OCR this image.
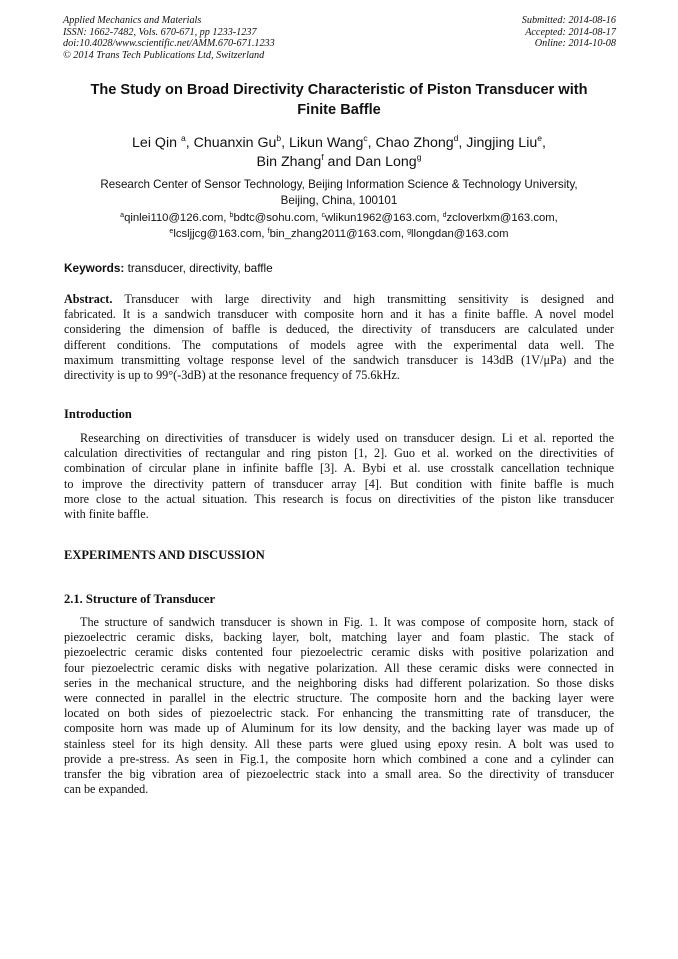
Applied Mechanics and Materials
ISSN: 1662-7482, Vols. 670-671, pp 1233-1237
doi:10.4028/www.scientific.net/AMM.670-671.1233
© 2014 Trans Tech Publications Ltd, Switzerland
Submitted: 2014-08-16
Accepted: 2014-08-17
Online: 2014-10-08
The Study on Broad Directivity Characteristic of Piston Transducer with
Finite Baffle
Lei Qin $^a$, Chuanxin Gu$^b$, Likun Wang$^c$, Chao Zhong$^d$, Jingjing Liu$^e$,
Bin Zhang$^f$ and Dan Long$^g$
Research Center of Sensor Technology, Beijing Information Science & Technology University,
Beijing, China, 100101
$^a$qinlei110@126.com, $^b$bdtc@sohu.com, $^c$wlikun1962@163.com, $^d$zcloverlxm@163.com,
$^e$lcsljjcg@163.com, $^f$bin_zhang2011@163.com, $^g$llongdan@163.com
Keywords: transducer, directivity, baffle
Abstract. Transducer with large directivity and high transmitting sensitivity is designed and
fabricated. It is a sandwich transducer with composite horn and it has a finite baffle. A novel model
considering the dimension of baffle is deduced, the directivity of transducers are calculated under
different conditions. The computations of models agree with the experimental data well. The
maximum transmitting voltage response level of the sandwich transducer is 143dB (1V/μPa) and the
directivity is up to 99°(-3dB) at the resonance frequency of 75.6kHz.
Introduction
Researching on directivities of transducer is widely used on transducer design. Li et al. reported the
calculation directivities of rectangular and ring piston [1, 2]. Guo et al. worked on the directivities of
combination of circular plane in infinite baffle [3]. A. Bybi et al. use crosstalk cancellation technique
to improve the directivity pattern of transducer array [4]. But condition with finite baffle is much
more close to the actual situation. This research is focus on directivities of the piston like transducer
with finite baffle.
EXPERIMENTS AND DISCUSSION
2.1. Structure of Transducer
The structure of sandwich transducer is shown in Fig. 1. It was compose of composite horn, stack of
piezoelectric ceramic disks, backing layer, bolt, matching layer and foam plastic. The stack of
piezoelectric ceramic disks contented four piezoelectric ceramic disks with positive polarization and
four piezoelectric ceramic disks with negative polarization. All these ceramic disks were connected in
series in the mechanical structure, and the neighboring disks had different polarization. So those disks
were connected in parallel in the electric structure. The composite horn and the backing layer were
located on both sides of piezoelectric stack. For enhancing the transmitting rate of transducer, the
composite horn was made up of Aluminum for its low density, and the backing layer was made up of
stainless steel for its high density. All these parts were glued using epoxy resin. A bolt was used to
provide a pre-stress. As seen in Fig.1, the composite horn which combined a cone and a cylinder can
transfer the big vibration area of piezoelectric stack into a small area. So the directivity of transducer
can be expanded.
